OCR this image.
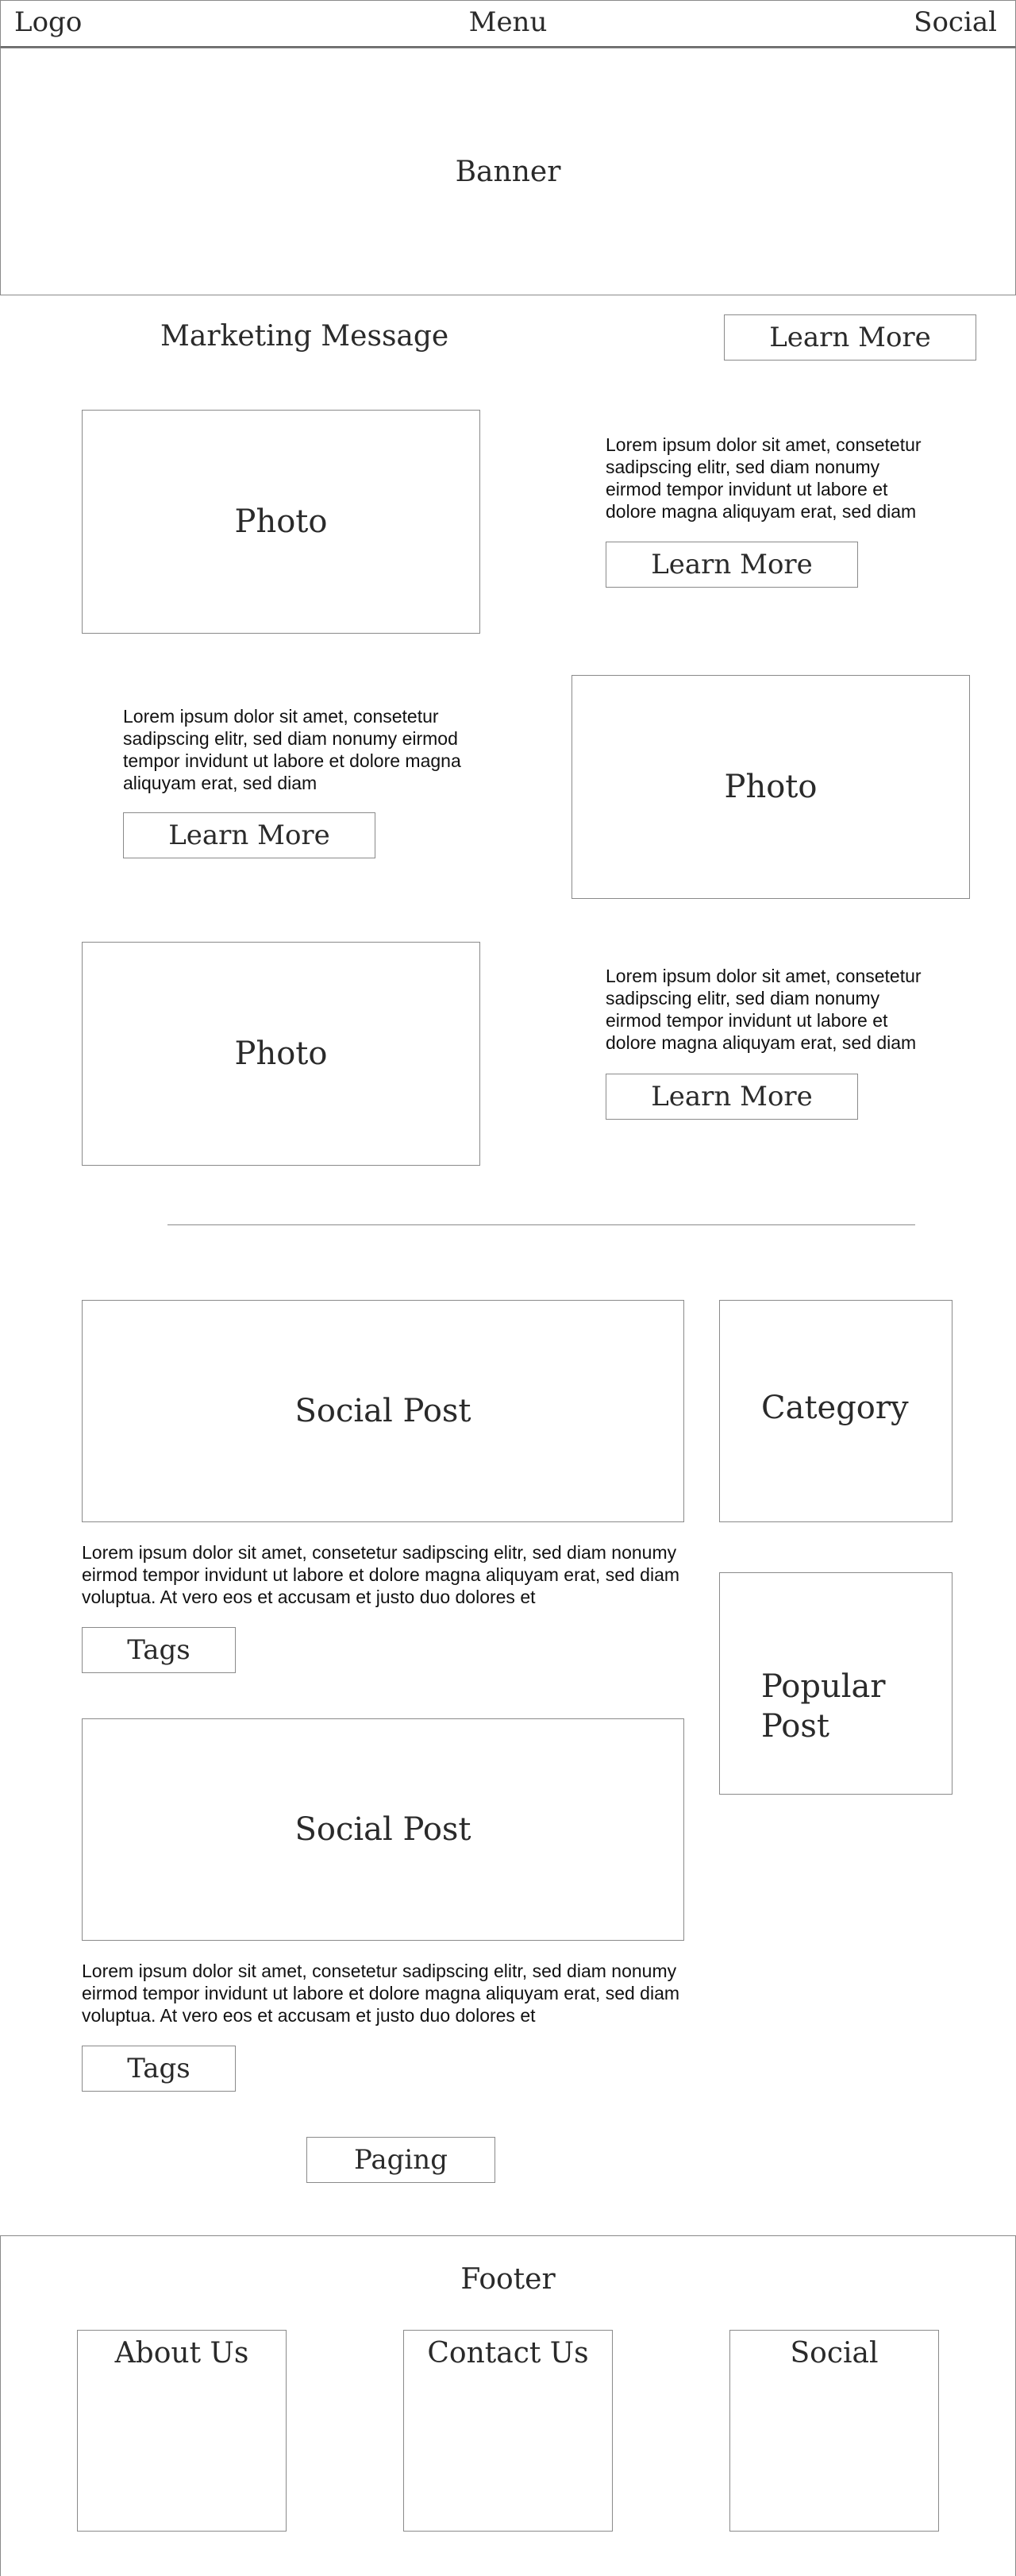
Logo	Menu	Social
Banner
Marketing Message	Learn More
Photo
Lorem ipsum dolor sit amet, consetetur sadipscing elitr, sed diam nonumy eirmod tempor invidunt ut labore et dolore magna aliquyam erat, sed diam
Learn More
Lorem ipsum dolor sit amet, consetetur sadipscing elitr, sed diam nonumy eirmod tempor invidunt ut labore et dolore magna aliquyam erat, sed diam
Learn More
Photo
Photo
Lorem ipsum dolor sit amet, consetetur sadipscing elitr, sed diam nonumy eirmod tempor invidunt ut labore et dolore magna aliquyam erat, sed diam
Learn More
Social Post
Lorem ipsum dolor sit amet, consetetur sadipscing elitr, sed diam nonumy eirmod tempor invidunt ut labore et dolore magna aliquyam erat, sed diam voluptua. At vero eos et accusam et justo duo dolores et
Tags
Social Post
Lorem ipsum dolor sit amet, consetetur sadipscing elitr, sed diam nonumy eirmod tempor invidunt ut labore et dolore magna aliquyam erat, sed diam voluptua. At vero eos et accusam et justo duo dolores et
Tags
Category
Popular Post
Paging
Footer
About Us	Contact Us	Social
